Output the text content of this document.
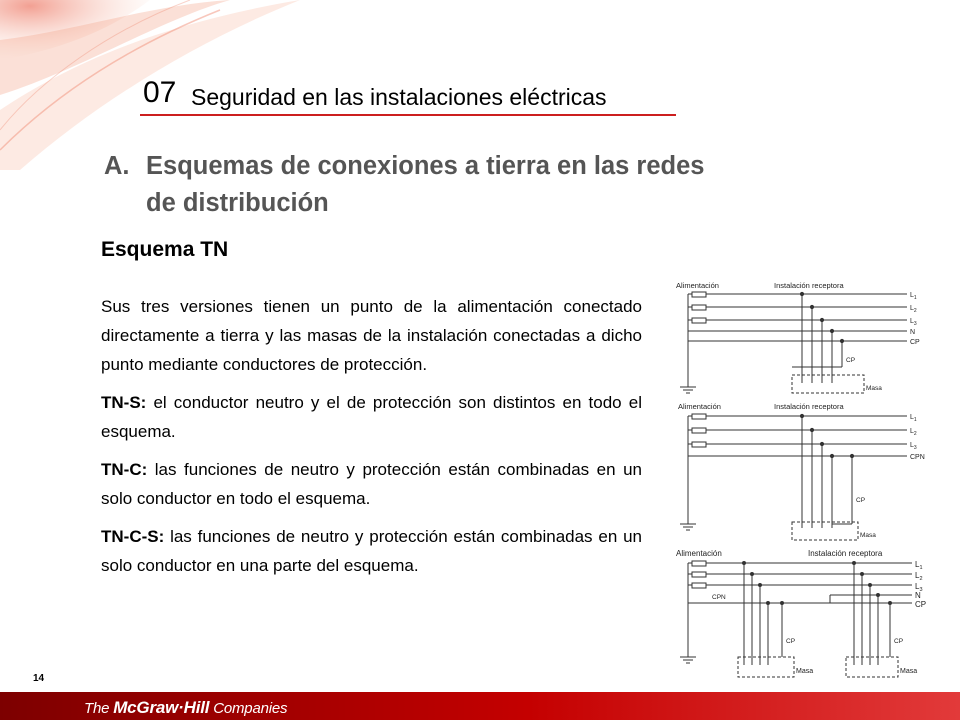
07 Seguridad en las instalaciones eléctricas
A. Esquemas de conexiones a tierra en las redes
de distribución
Esquema TN

Sus tres versiones tienen un punto de la alimentación conectado directamente a tierra y las masas de la instalación conectadas a dicho punto mediante conductores de protección.

TN-S: el conductor neutro y el de protección son distintos en todo el esquema.

TN-C: las funciones de neutro y protección están combinadas en un solo conductor en todo el esquema.

TN-C-S: las funciones de neutro y protección están combinadas en un solo conductor en una parte del esquema.

Alimentación	Instalación receptora
CP
Masa
$L_1$
$L_2$
$L_3$
N
CP
Alimentación	Instalación receptora
CP
Masa
$L_1$
$L_2$
$L_3$
CPN
Alimentación	Instalación receptora
CPN
CP
Masa
CP
Masa
$L_1$
$L_2$
$L_3$
N
CP
14
The McGraw·Hill Companies
